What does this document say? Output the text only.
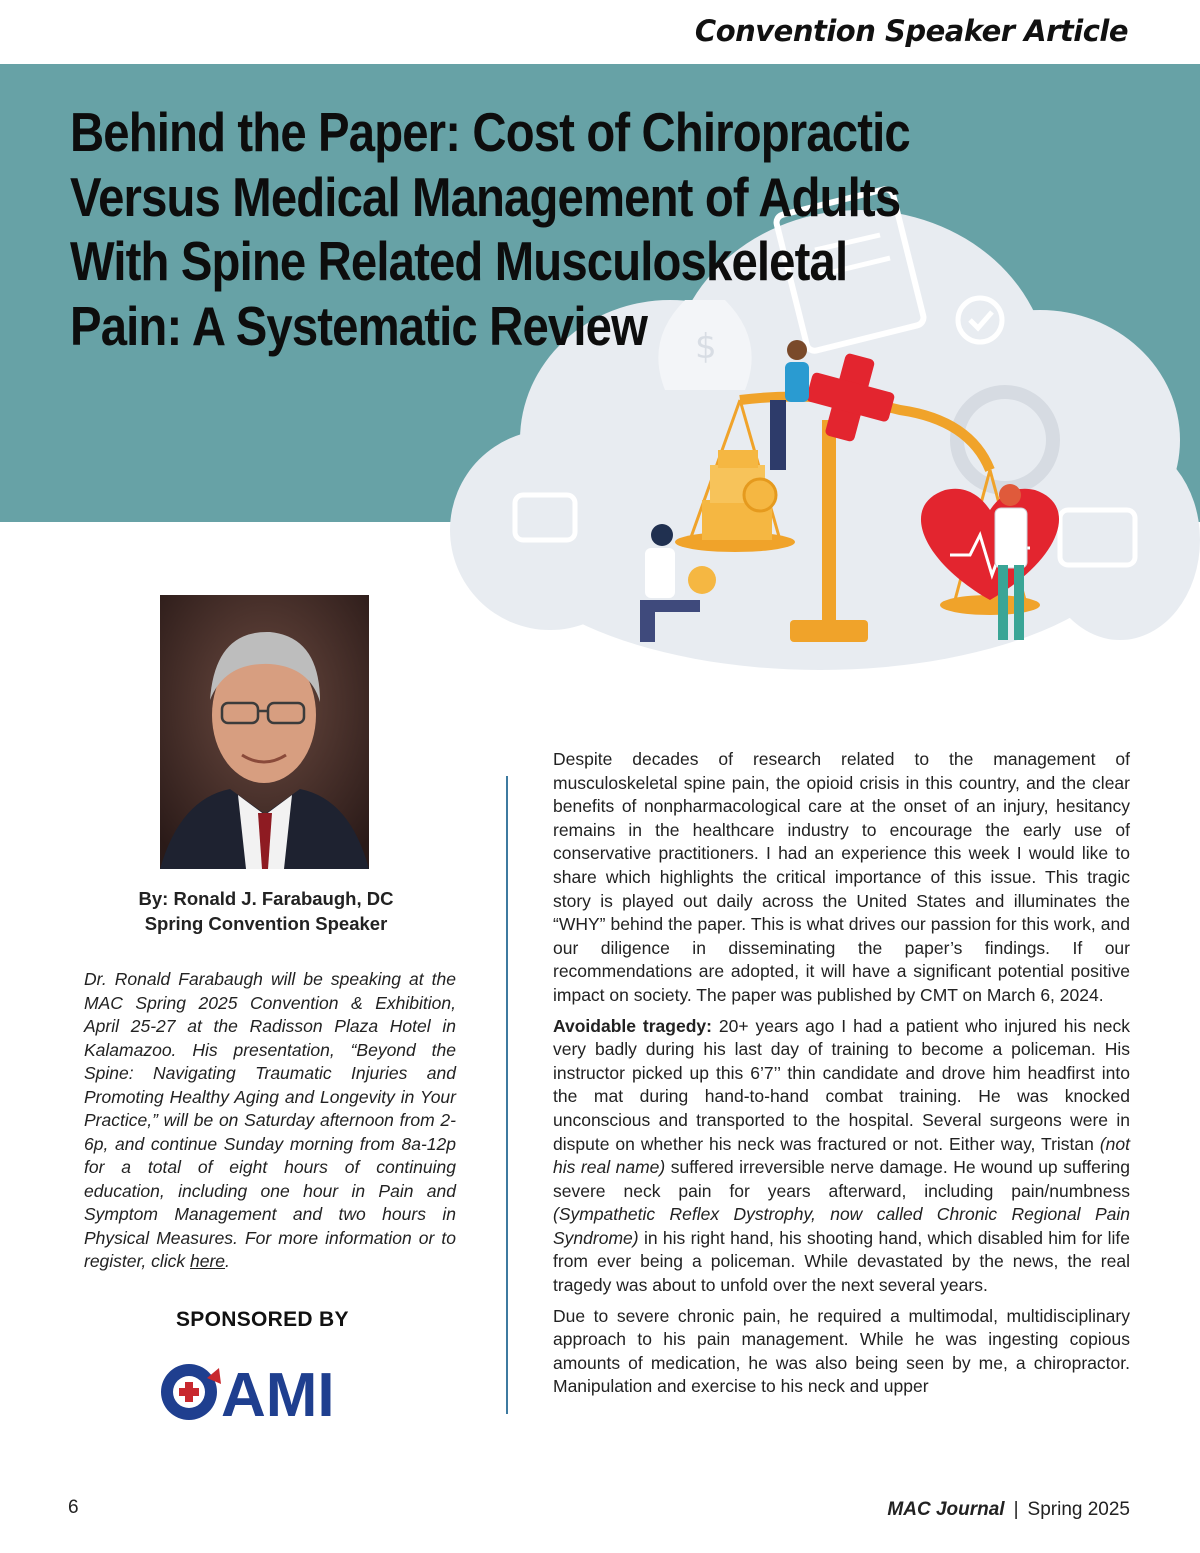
Convention Speaker Article
$
Behind the Paper: Cost of Chiropractic Versus Medical Management of Adults With Spine Related Musculoskeletal Pain: A Systematic Review
By: Ronald J. Farabaugh, DC
Spring Convention Speaker

Dr. Ronald Farabaugh will be speaking at the MAC Spring 2025 Convention & Exhibition, April 25-27 at the Radisson Plaza Hotel in Kalamazoo. His presentation, “Beyond the Spine: Navigating Traumatic Injuries and Promoting Healthy Aging and Longevity in Your Practice,” will be on Saturday afternoon from 2-6p, and continue Sunday morning from 8a-12p for a total of eight hours of continuing education, including one hour in Pain and Symptom Management and two hours in Physical Measures. For more information or to register, click here.

SPONSORED BY
AMI

Despite decades of research related to the management of musculoskeletal spine pain, the opioid crisis in this country, and the clear benefits of nonpharmacological care at the onset of an injury, hesitancy remains in the healthcare industry to encourage the early use of conservative practitioners. I had an experience this week I would like to share which highlights the critical importance of this issue. This tragic story is played out daily across the United States and illuminates the “WHY” behind the paper. This is what drives our passion for this work, and our diligence in disseminating the paper’s findings. If our recommendations are adopted, it will have a significant potential positive impact on society. The paper was published by CMT on March 6, 2024.

Avoidable tragedy: 20+ years ago I had a patient who injured his neck very badly during his last day of training to become a policeman. His instructor picked up this 6’7’’ thin candidate and drove him headfirst into the mat during hand-to-hand combat training. He was knocked unconscious and transported to the hospital. Several surgeons were in dispute on whether his neck was fractured or not. Either way, Tristan (not his real name) suffered irreversible nerve damage. He wound up suffering severe neck pain for years afterward, including pain/numbness (Sympathetic Reflex Dystrophy, now called Chronic Regional Pain Syndrome) in his right hand, his shooting hand, which disabled him for life from ever being a policeman. While devastated by the news, the real tragedy was about to unfold over the next several years.

Due to severe chronic pain, he required a multimodal, multidisciplinary approach to his pain management. While he was ingesting copious amounts of medication, he was also being seen by me, a chiropractor. Manipulation and exercise to his neck and upper

6	MAC Journal | Spring 2025
